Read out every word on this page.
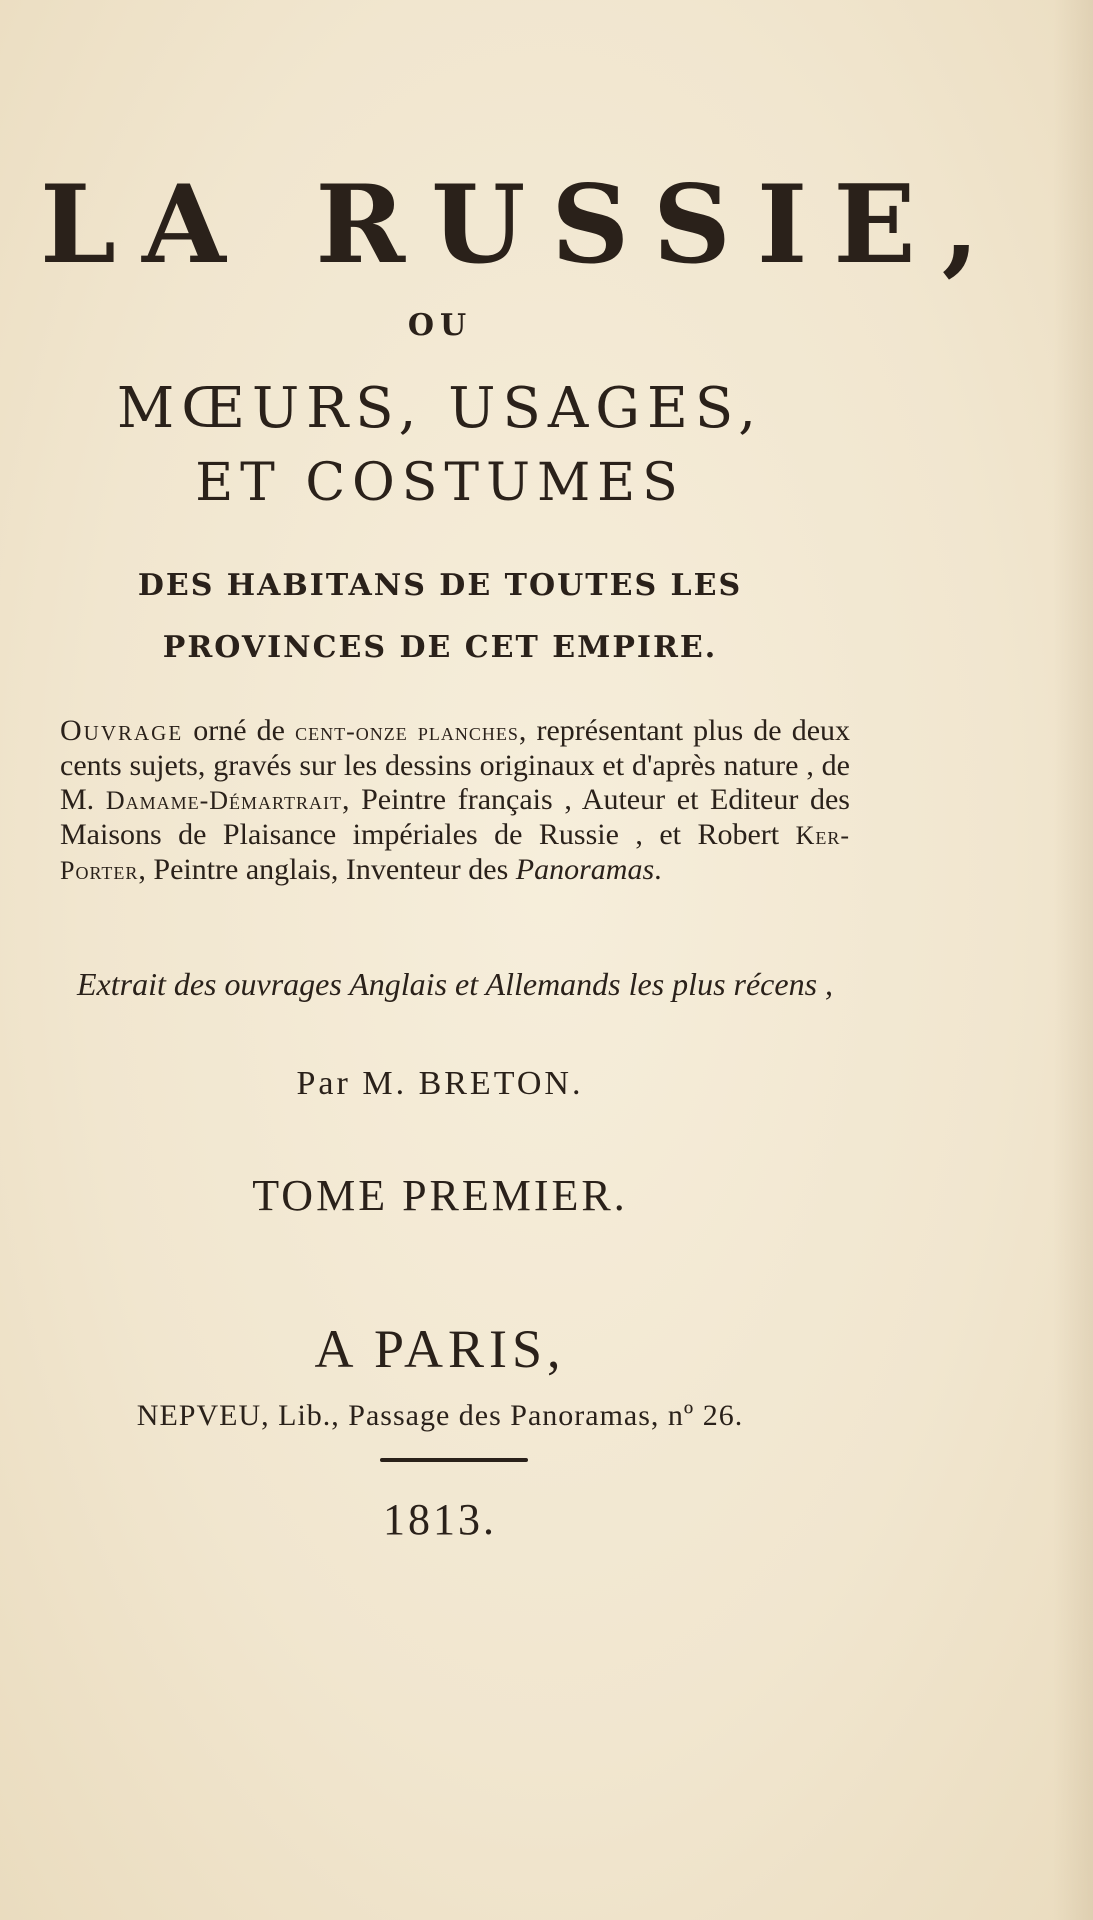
LA RUSSIE,

OU

MŒURS, USAGES,

ET COSTUMES

DES HABITANS DE TOUTES LES

PROVINCES DE CET EMPIRE.

Ouvrage orné de cent-onze planches, représentant plus de deux cents sujets, gravés sur les dessins originaux et d'après nature , de M. Damame-Démartrait, Peintre français , Auteur et Editeur des Maisons de Plaisance impériales de Russie , et Robert Ker-Porter, Peintre anglais, Inventeur des Panoramas.

Extrait des ouvrages Anglais et Allemands les plus récens ,

Par M. BRETON.

TOME PREMIER.

A PARIS,

NEPVEU, Lib., Passage des Panoramas, nº 26.

1813.
